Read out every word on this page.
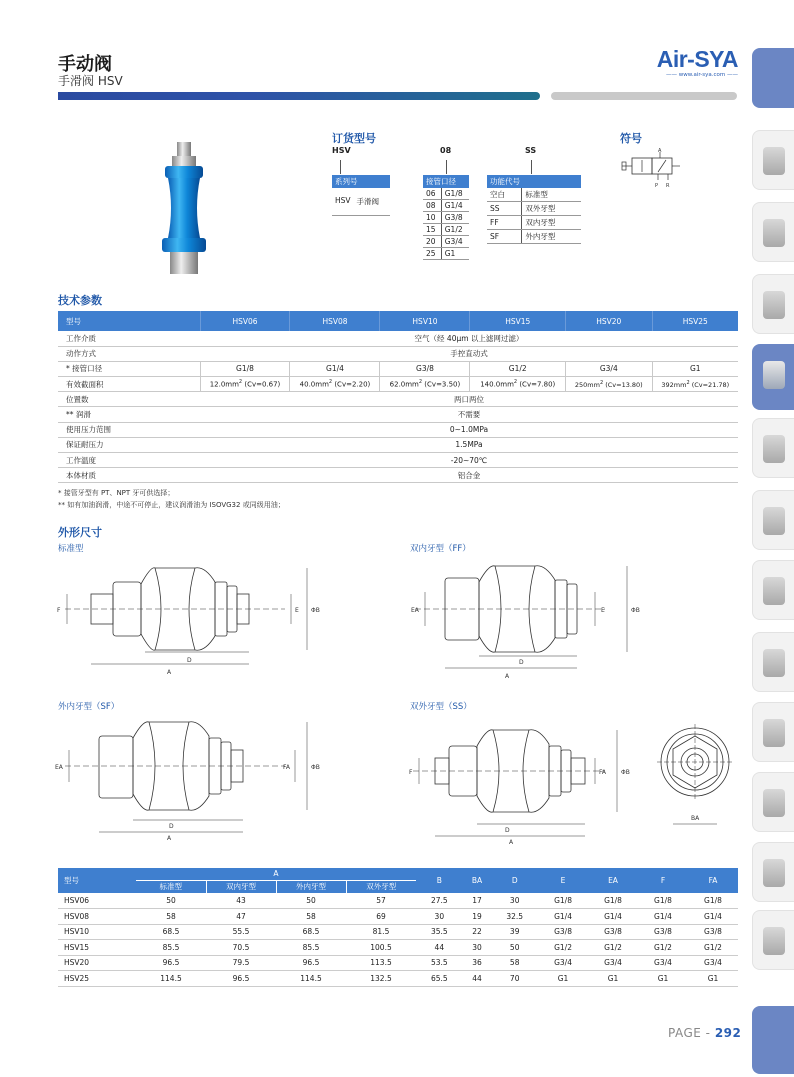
手动阀
手滑阀 HSV
Air-SYA
—— www.air-sya.com ——
订货型号
HSV	08	SS
系列号
HSV 手滑阀
接管口径	
06	G1/8
08	G1/4
10	G3/8
15	G1/2
20	G3/4
25	G1
功能代号	
空白	标准型
SS	双外牙型
FF	双内牙型
SF	外内牙型
符号
A
P R
技术参数
型号	HSV06	HSV08	HSV10	HSV15	HSV20	HSV25
工作介质	空气（经 40μm 以上滤网过滤）					
动作方式	手控直动式					
* 接管口径	G1/8	G1/4	G3/8	G1/2	G3/4	G1
有效截面积	$12.0mm^2$ (Cv=0.67)	$40.0mm^2$ (Cv=2.20)	$62.0mm^2$ (Cv=3.50)	$140.0mm^2$ (Cv=7.80)	$250mm^2$ (Cv=13.80)	$392mm^2$ (Cv=21.78)
位置数	两口两位					
** 润滑	不需要					
使用压力范围	0~1.0MPa					
保证耐压力	1.5MPa					
工作温度	-20~70℃					
本体材质	铝合金					
* 接管牙型有 PT、NPT 牙可供选择；
** 如有加油润滑，中途不可停止，建议润滑油为 ISOVG32 或同级用油；
外形尺寸
标准型	双内牙型（FF）
外内牙型（SF）	双外牙型（SS）
A
D
F	E ΦB
A
D
EA	E	ΦB
A
D
EA	FA	ΦB
A
D
F	FA ΦB
BA
型号	A				B	BA	D	E	EA	F	FA
	标准型	双内牙型	外内牙型	双外牙型							
HSV06	50	43	50	57	27.5	17	30	G1/8	G1/8	G1/8	G1/8
HSV08	58	47	58	69	30	19	32.5	G1/4	G1/4	G1/4	G1/4
HSV10	68.5	55.5	68.5	81.5	35.5	22	39	G3/8	G3/8	G3/8	G3/8
HSV15	85.5	70.5	85.5	100.5	44	30	50	G1/2	G1/2	G1/2	G1/2
HSV20	96.5	79.5	96.5	113.5	53.5	36	58	G3/4	G3/4	G3/4	G3/4
HSV25	114.5	96.5	114.5	132.5	65.5	44	70	G1	G1	G1	G1
PAGE - 292
